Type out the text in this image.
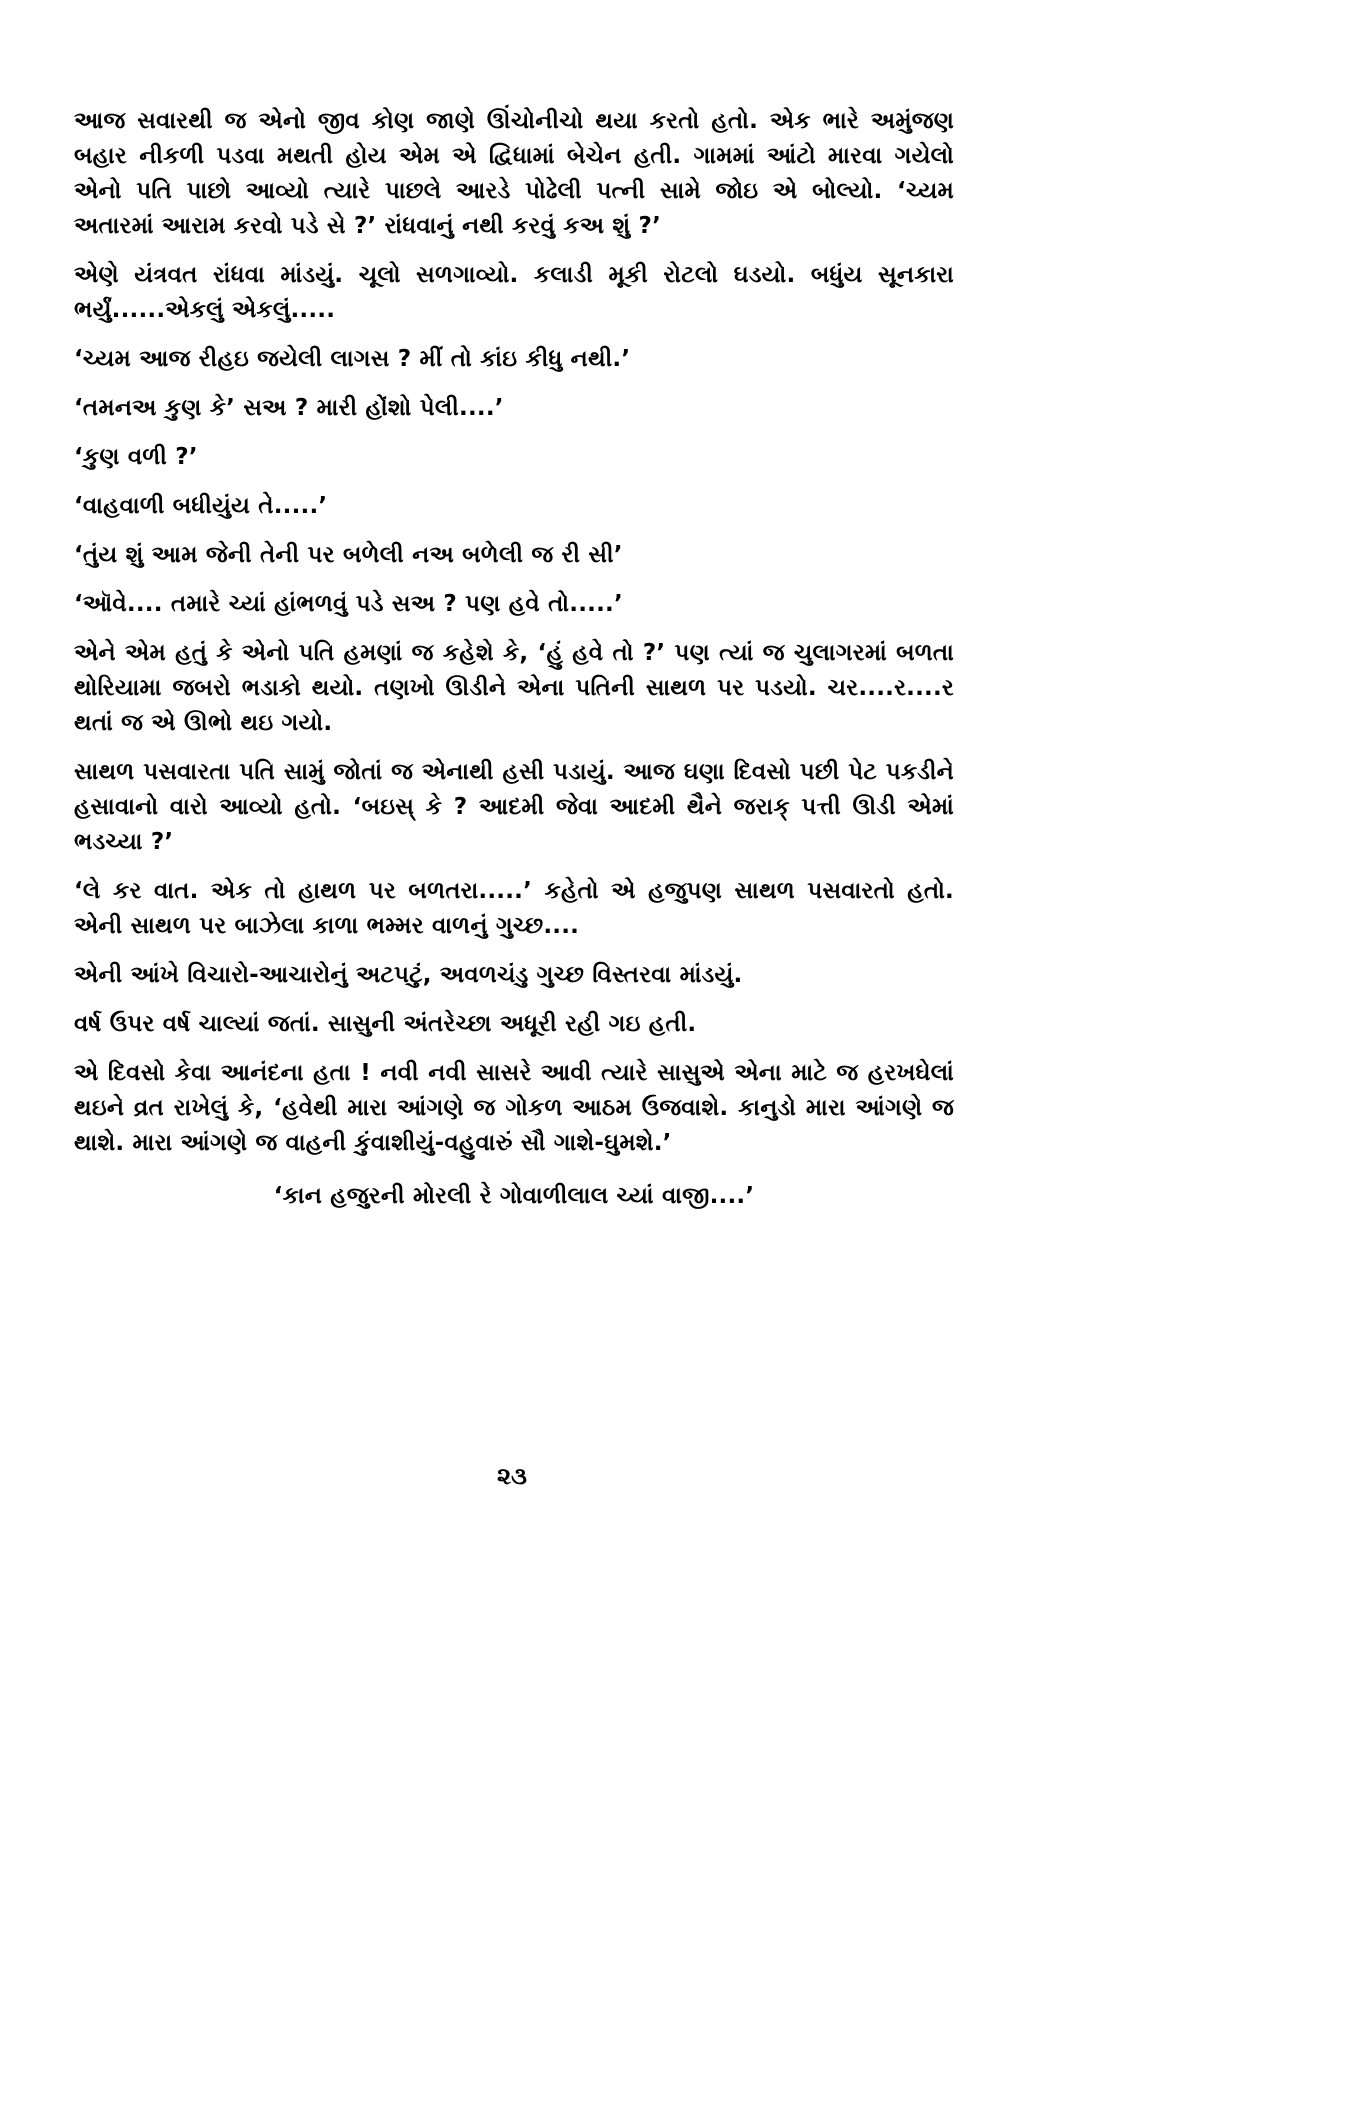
આજ સવારથી જ એનો જીવ કોણ જાણે ઊંચોનીચો થયા કરતો હતો. એક ભારે અમુંજણ બહાર નીકળી પડવા મથતી હોય એમ એ દ્વિધામાં બેચેન હતી. ગામમાં આંટો મારવા ગયેલો એનો પતિ પાછો આવ્યો ત્યારે પાછલે આરડે પોઢેલી પત્ની સામે જોઇ એ બોલ્યો. ‘ચ્યમ અતારમાં આરામ કરવો પડે સે ?’ રાંધવાનું નથી કરવું કઅ શું ?’

એણે યંત્રવત રાંધવા માંડયું. ચૂલો સળગાવ્યો. કલાડી મૂકી રોટલો ઘડયો. બધુંય સૂનકારા ભર્યું......એકલું એકલું.....

‘ચ્યમ આજ રીહઇ જયેલી લાગસ ? મીં તો કાંઇ કીધુ નથી.’

‘તમનઅ કુણ કે’ સઅ ? મારી હોંશો પેલી....’

‘કુણ વળી ?’

‘વાહવાળી બધીયુંય તે.....’

‘તુંય શું આમ જેની તેની પર બળેલી નઅ બળેલી જ રી સી’

‘ઑવે.... તમારે ચ્યાં હાંભળવું પડે સઅ ? પણ હવે તો.....’

એને એમ હતું કે એનો પતિ હમણાં જ કહેશે કે, ‘હું હવે તો ?’ પણ ત્યાં જ ચુલાગરમાં બળતા થોરિયામા જબરો ભડાકો થયો. તણખો ઊડીને એના પતિની સાથળ પર પડયો. ચર....ર....ર થતાં જ એ ઊભો થઇ ગયો.

સાથળ પસવારતા પતિ સામું જોતાં જ એનાથી હસી પડાયું. આજ ઘણા દિવસો પછી પેટ પકડીને હસાવાનો વારો આવ્યો હતો. ‘બઇસ્ કે ? આદમી જેવા આદમી થૈને જરાક્ પત્તી ઊડી એમાં ભડચ્યા ?’

‘લે કર વાત. એક તો હાથળ પર બળતરા.....’ કહેતો એ હજુપણ સાથળ પસવારતો હતો. એની સાથળ પર બાઝેલા કાળા ભમ્મર વાળનું ગુચ્છ....

એની આંખે વિચારો-આચારોનું અટપટું, અવળચંડુ ગુચ્છ વિસ્તરવા માંડયું.

વર્ષ ઉપર વર્ષ ચાલ્યાં જતાં. સાસુની અંતરેચ્છા અધૂરી રહી ગઇ હતી.

એ દિવસો કેવા આનંદના હતા ! નવી નવી સાસરે આવી ત્યારે સાસુએ એના માટે જ હરખઘેલાં થઇને વ્રત રાખેલું કે, ‘હવેથી મારા આંગણે જ ગોકળ આઠમ ઉજવાશે. કાનુડો મારા આંગણે જ થાશે. મારા આંગણે જ વાહની કુંવાશીયું-વહુવારું સૌ ગાશે-ઘુમશે.’

‘કાન હજુરની મોરલી રે ગોવાળીલાલ ચ્યાં વાજી....’

૨૩
